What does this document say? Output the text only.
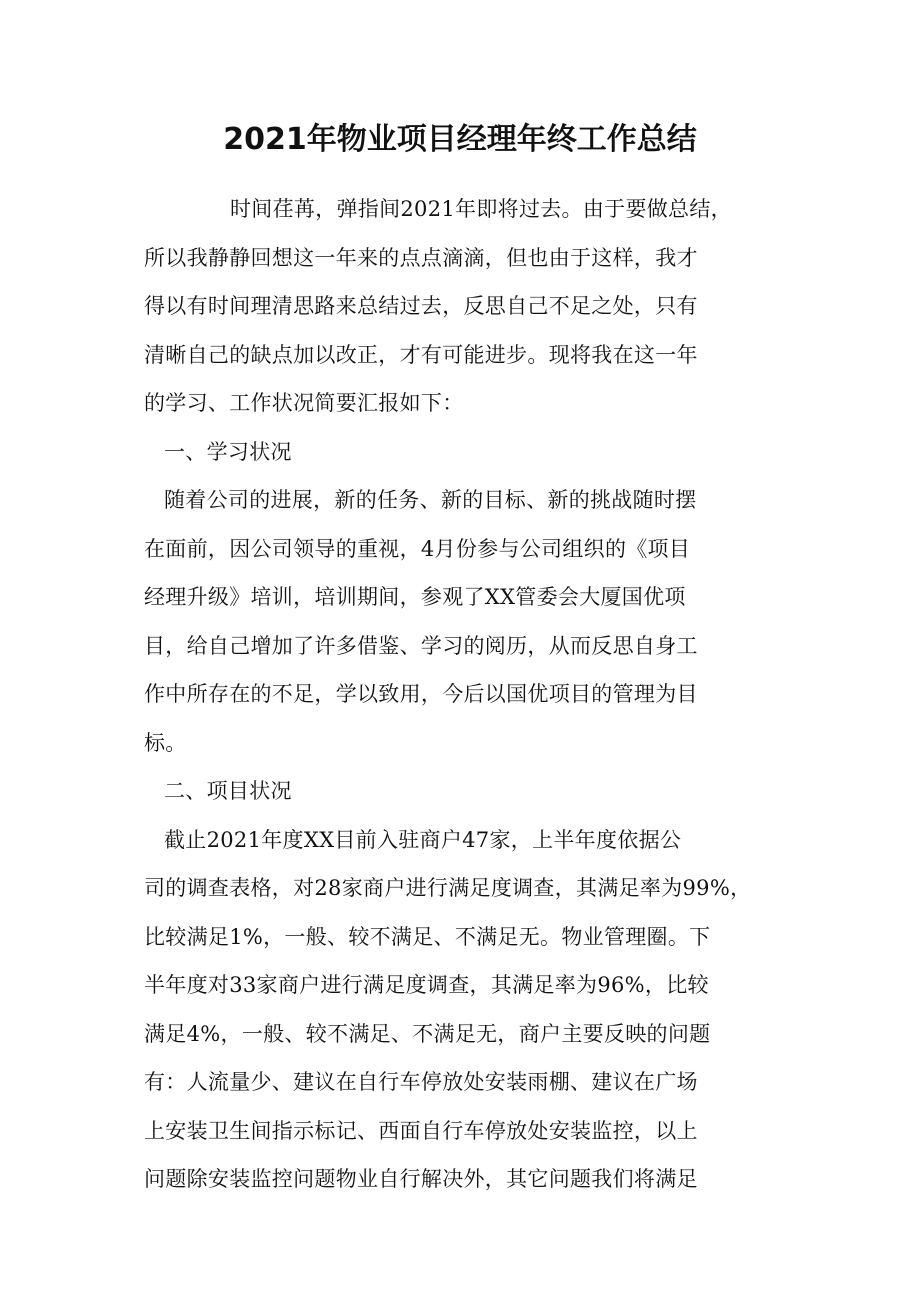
2021年物业项目经理年终工作总结
时间荏苒，弹指间2021年即将过去。由于要做总结，
所以我静静回想这一年来的点点滴滴，但也由于这样，我才
得以有时间理清思路来总结过去，反思自己不足之处，只有
清晰自己的缺点加以改正，才有可能进步。现将我在这一年
的学习、工作状况简要汇报如下：
一、学习状况
随着公司的进展，新的任务、新的目标、新的挑战随时摆
在面前，因公司领导的重视，4月份参与公司组织的《项目
经理升级》培训，培训期间，参观了XX管委会大厦国优项
目，给自己增加了许多借鉴、学习的阅历，从而反思自身工
作中所存在的不足，学以致用，今后以国优项目的管理为目
标。
二、项目状况
截止2021年度XX目前入驻商户47家，上半年度依据公
司的调查表格，对28家商户进行满足度调查，其满足率为99%，
比较满足1%，一般、较不满足、不满足无。物业管理圈。下
半年度对33家商户进行满足度调查，其满足率为96%，比较
满足4%，一般、较不满足、不满足无，商户主要反映的问题
有：人流量少、建议在自行车停放处安装雨棚、建议在广场
上安装卫生间指示标记、西面自行车停放处安装监控，以上
问题除安装监控问题物业自行解决外，其它问题我们将满足
